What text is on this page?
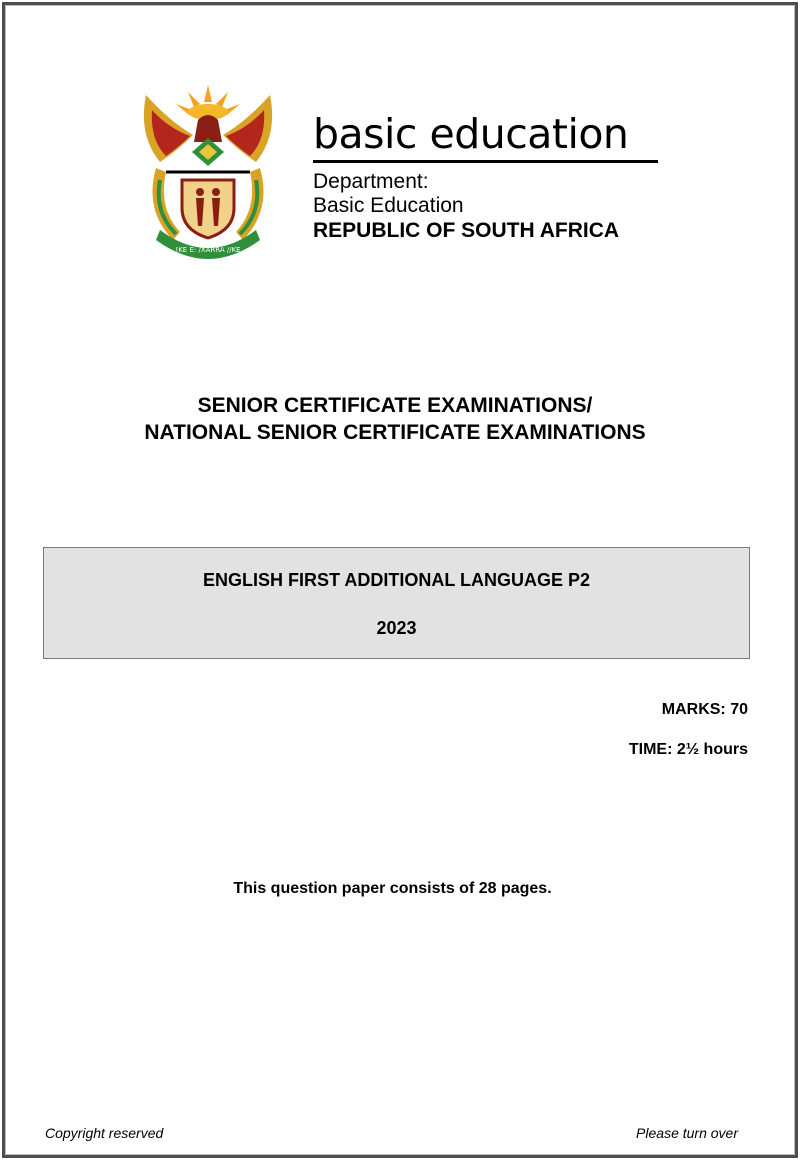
!KE E: /XARRA //KE
basic education
Department:
Basic Education
REPUBLIC OF SOUTH AFRICA
SENIOR CERTIFICATE EXAMINATIONS/
NATIONAL SENIOR CERTIFICATE EXAMINATIONS
ENGLISH FIRST ADDITIONAL LANGUAGE P2
2023
MARKS: 70
TIME: 2½ hours
This question paper consists of 28 pages.
Copyright reserved	Please turn over
